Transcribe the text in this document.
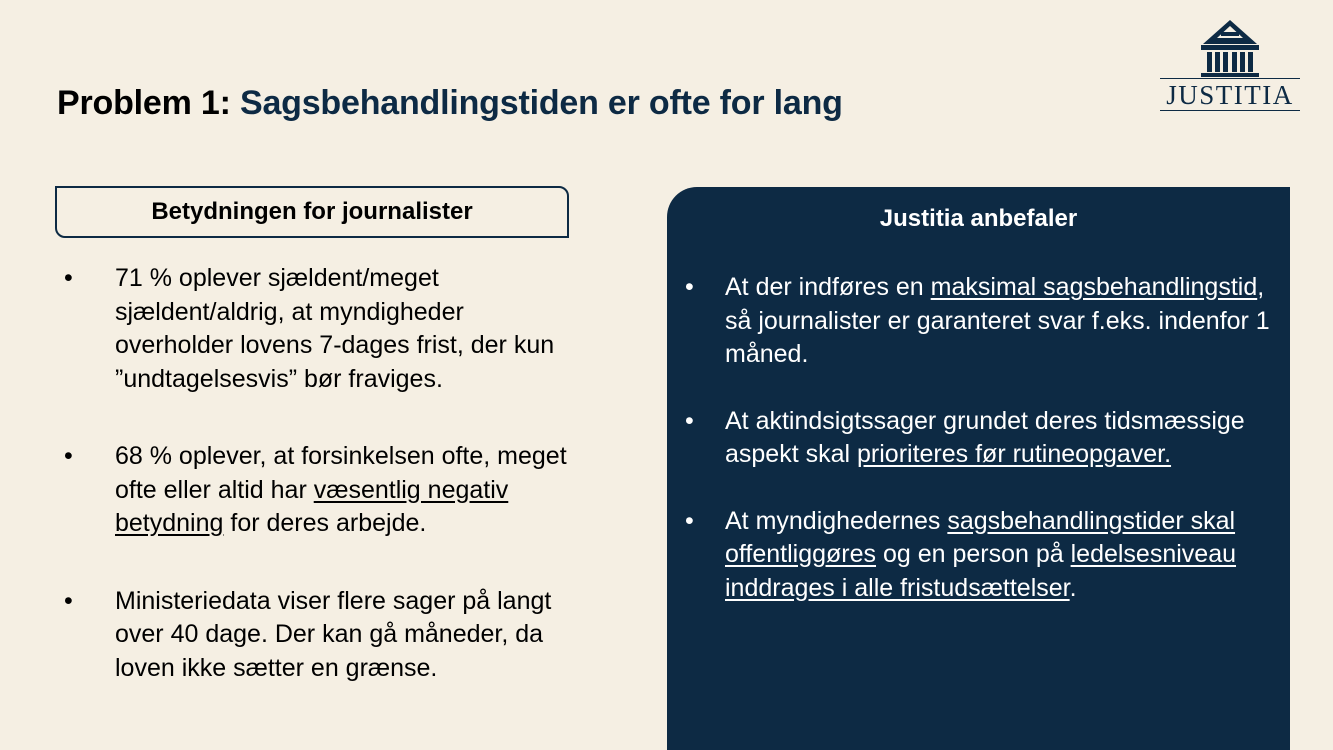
Problem 1: Sagsbehandlingstiden er ofte for lang	JUSTITIA
Betydningen for journalister
• 71 % oplever sjældent/meget sjældent/aldrig, at myndigheder overholder lovens 7-dages frist, der kun ”undtagelsesvis” bør fraviges.
• 68 % oplever, at forsinkelsen ofte, meget ofte eller altid har væsentlig negativ betydning for deres arbejde.
• Ministeriedata viser flere sager på langt over 40 dage. Der kan gå måneder, da loven ikke sætter en grænse.
Justitia anbefaler
• At der indføres en maksimal sagsbehandlingstid, så journalister er garanteret svar f.eks. indenfor 1 måned.
• At aktindsigtssager grundet deres tidsmæssige aspekt skal prioriteres før rutineopgaver.
• At myndighedernes sagsbehandlingstider skal offentliggøres og en person på ledelsesniveau inddrages i alle fristudsættelser.
